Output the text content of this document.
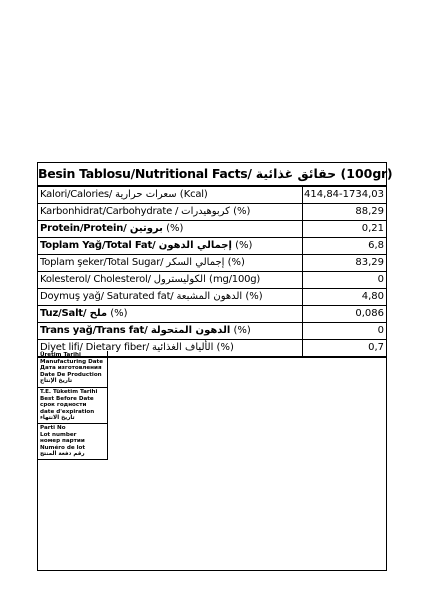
Besin Tablosu/Nutritional Facts/ حقائق غذائية (100gr)
Kalori/Calories/ سعرات حرارية (Kcal)	414,84-1734,03
Karbonhidrat/Carbohydrate / كربوهيدرات (%)	88,29
Protein/Protein/ بروتين (%)	0,21
Toplam Yağ/Total Fat/ إجمالي الدهون (%)	6,8
Toplam şeker/Total Sugar/ إجمالي السكر (%)	83,29
Kolesterol/ Cholesterol/ الكوليسترول (mg/100g)	0
Doymuş yağ/ Saturated fat/ الدهون المشبعة (%)	4,80
Tuz/Salt/ ملح (%)	0,086
Trans yağ/Trans fat/ الدهون المتحولة (%)	0
Diyet lifi/ Dietary fiber/ الألياف الغذائية (%)	0,7
Üretim Tarihi
Manufacturing Date
Дата изготовления
Date De Production
تاريخ الإنتاج
T.E. Tüketim Tarihi
Best Before Date
срок годности
date d'expiration
تاريخ الانتهاء
Parti No
Lot number
номер партии
Numéro de lot
رقم دفعة المنتج
